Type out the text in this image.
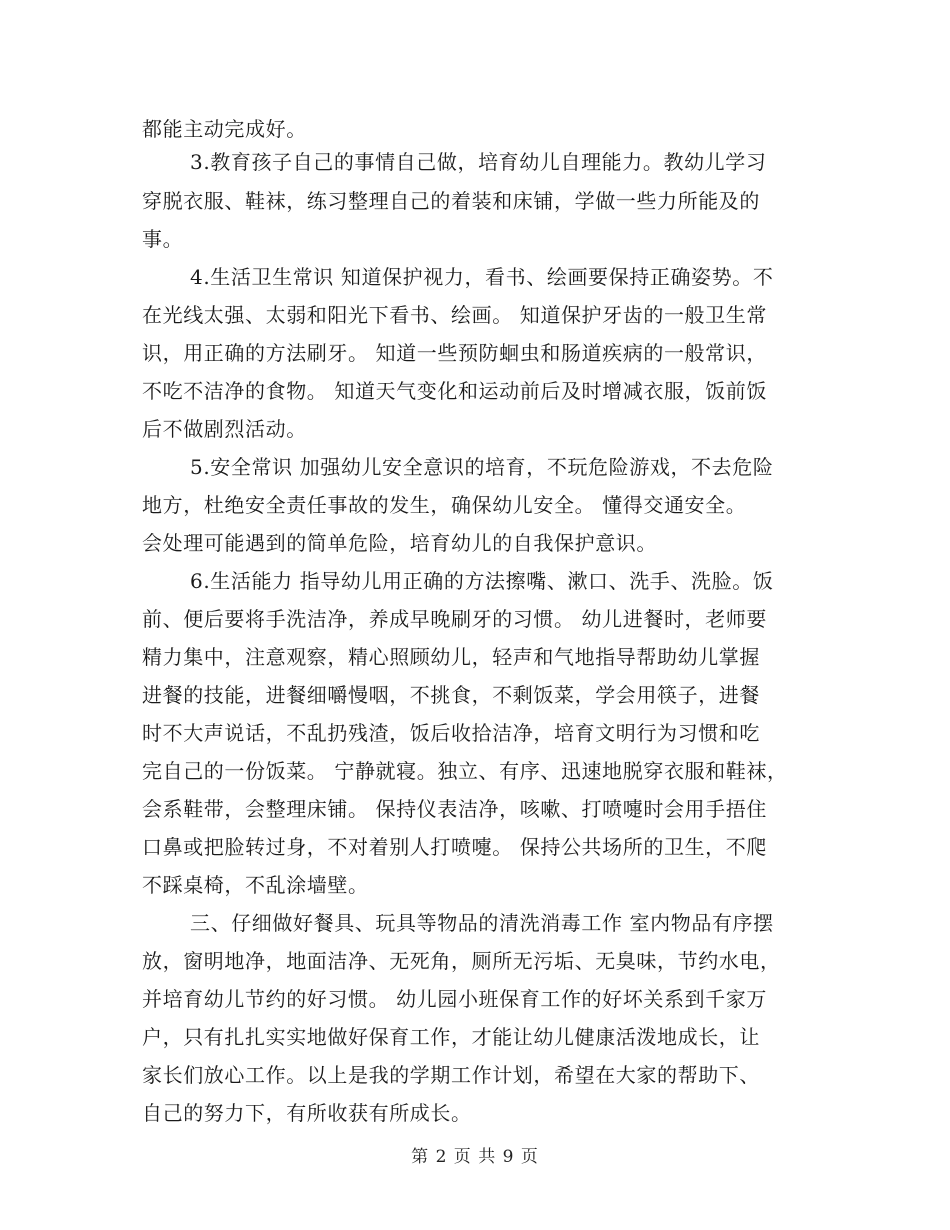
都能主动完成好。
3.教育孩子自己的事情自己做，培育幼儿自理能力。教幼儿学习
穿脱衣服、鞋袜，练习整理自己的着装和床铺，学做一些力所能及的
事。
4.生活卫生常识 知道保护视力，看书、绘画要保持正确姿势。不
在光线太强、太弱和阳光下看书、绘画。 知道保护牙齿的一般卫生常
识，用正确的方法刷牙。 知道一些预防蛔虫和肠道疾病的一般常识，
不吃不洁净的食物。 知道天气变化和运动前后及时增减衣服，饭前饭
后不做剧烈活动。
5.安全常识 加强幼儿安全意识的培育，不玩危险游戏，不去危险
地方，杜绝安全责任事故的发生，确保幼儿安全。 懂得交通安全。
会处理可能遇到的简单危险，培育幼儿的自我保护意识。
6.生活能力 指导幼儿用正确的方法擦嘴、漱口、洗手、洗脸。饭
前、便后要将手洗洁净，养成早晚刷牙的习惯。 幼儿进餐时，老师要
精力集中，注意观察，精心照顾幼儿，轻声和气地指导帮助幼儿掌握
进餐的技能，进餐细嚼慢咽，不挑食，不剩饭菜，学会用筷子，进餐
时不大声说话，不乱扔残渣，饭后收拾洁净，培育文明行为习惯和吃
完自己的一份饭菜。 宁静就寝。独立、有序、迅速地脱穿衣服和鞋袜，
会系鞋带，会整理床铺。 保持仪表洁净，咳嗽、打喷嚏时会用手捂住
口鼻或把脸转过身，不对着别人打喷嚏。 保持公共场所的卫生，不爬
不踩桌椅，不乱涂墙壁。
三、仔细做好餐具、玩具等物品的清洗消毒工作 室内物品有序摆
放，窗明地净，地面洁净、无死角，厕所无污垢、无臭味，节约水电，
并培育幼儿节约的好习惯。 幼儿园小班保育工作的好坏关系到千家万
户，只有扎扎实实地做好保育工作，才能让幼儿健康活泼地成长，让
家长们放心工作。以上是我的学期工作计划，希望在大家的帮助下、
自己的努力下，有所收获有所成长。
第 2 页 共 9 页
